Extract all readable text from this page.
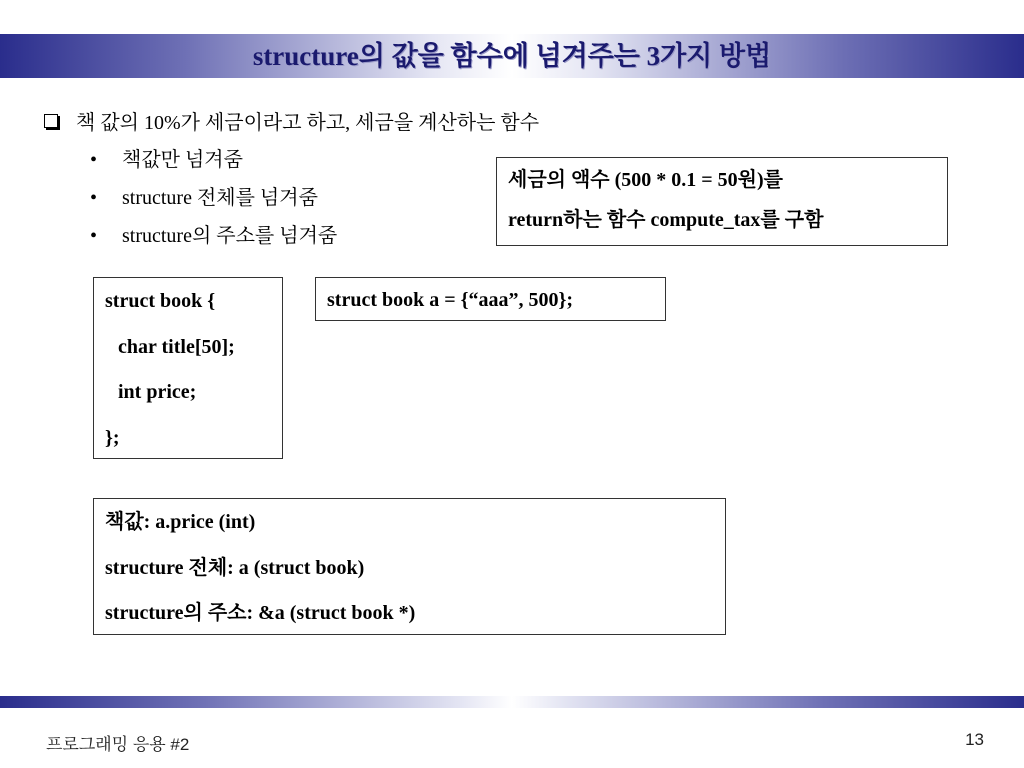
structure의 값을 함수에 넘겨주는 3가지 방법
책 값의 10%가 세금이라고 하고, 세금을 계산하는 함수
• 책값만 넘겨줌
• structure 전체를 넘겨줌
• structure의 주소를 넘겨줌
세금의 액수 (500 * 0.1 = 50원)를
return하는 함수 compute_tax를 구함
struct book {
char title[50];
int price;
};
struct book a = {“aaa”, 500};
책값: a.price (int)
structure 전체: a (struct book)
structure의 주소: &a (struct book *)
프로그래밍 응용 #2	13
